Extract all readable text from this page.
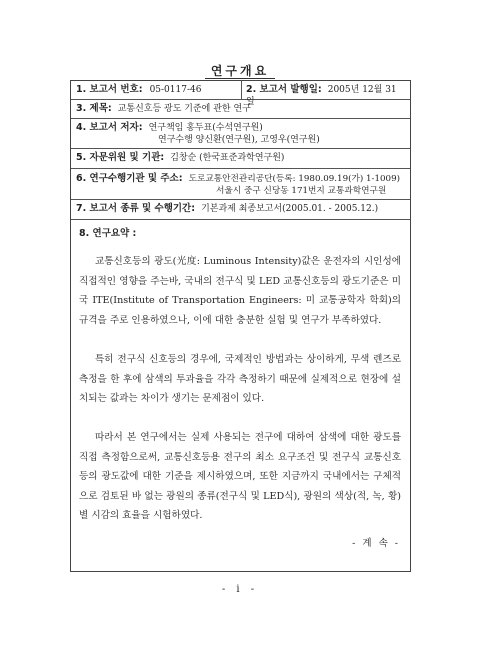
연구개요
1. 보고서 번호: 05-0117-46	2. 보고서 발행일: 2005년 12월 31일
3. 제목: 교통신호등 광도 기준에 관한 연구
4. 보고서 저자: 연구책임 홍두표(수석연구원)
연구수행 양신환(연구원), 고영우(연구원)
5. 자문위원 및 기관: 김창순 (한국표준과학연구원)
6. 연구수행기관 및 주소: 도로교통안전관리공단(등록: 1980.09.19(가) 1-1009)
서울시 중구 신당동 171번지 교통과학연구원
7. 보고서 종류 및 수행기간: 기본과제 최종보고서(2005.01. - 2005.12.)
8. 연구요약 :

교통신호등의 광도(光度: Luminous Intensity)값은 운전자의 시인성에 직접적인 영향을 주는바, 국내의 전구식 및 LED 교통신호등의 광도기준은 미국 ITE(Institute of Transportation Engineers: 미 교통공학자 학회)의 규격을 주로 인용하였으나, 이에 대한 충분한 실험 및 연구가 부족하였다.

특히 전구식 신호등의 경우에, 국제적인 방법과는 상이하게, 무색 렌즈로 측정을 한 후에 삼색의 투과율을 각각 측정하기 때문에 실제적으로 현장에 설치되는 값과는 차이가 생기는 문제점이 있다.

따라서 본 연구에서는 실제 사용되는 전구에 대하여 삼색에 대한 광도를 직접 측정함으로써, 교통신호등용 전구의 최소 요구조건 및 전구식 교통신호등의 광도값에 대한 기준을 제시하였으며, 또한 지금까지 국내에서는 구체적으로 검토된 바 없는 광원의 종류(전구식 및 LED식), 광원의 색상(적, 녹, 황)별 시감의 효율을 시험하였다.

- 계 속 -
- i -
